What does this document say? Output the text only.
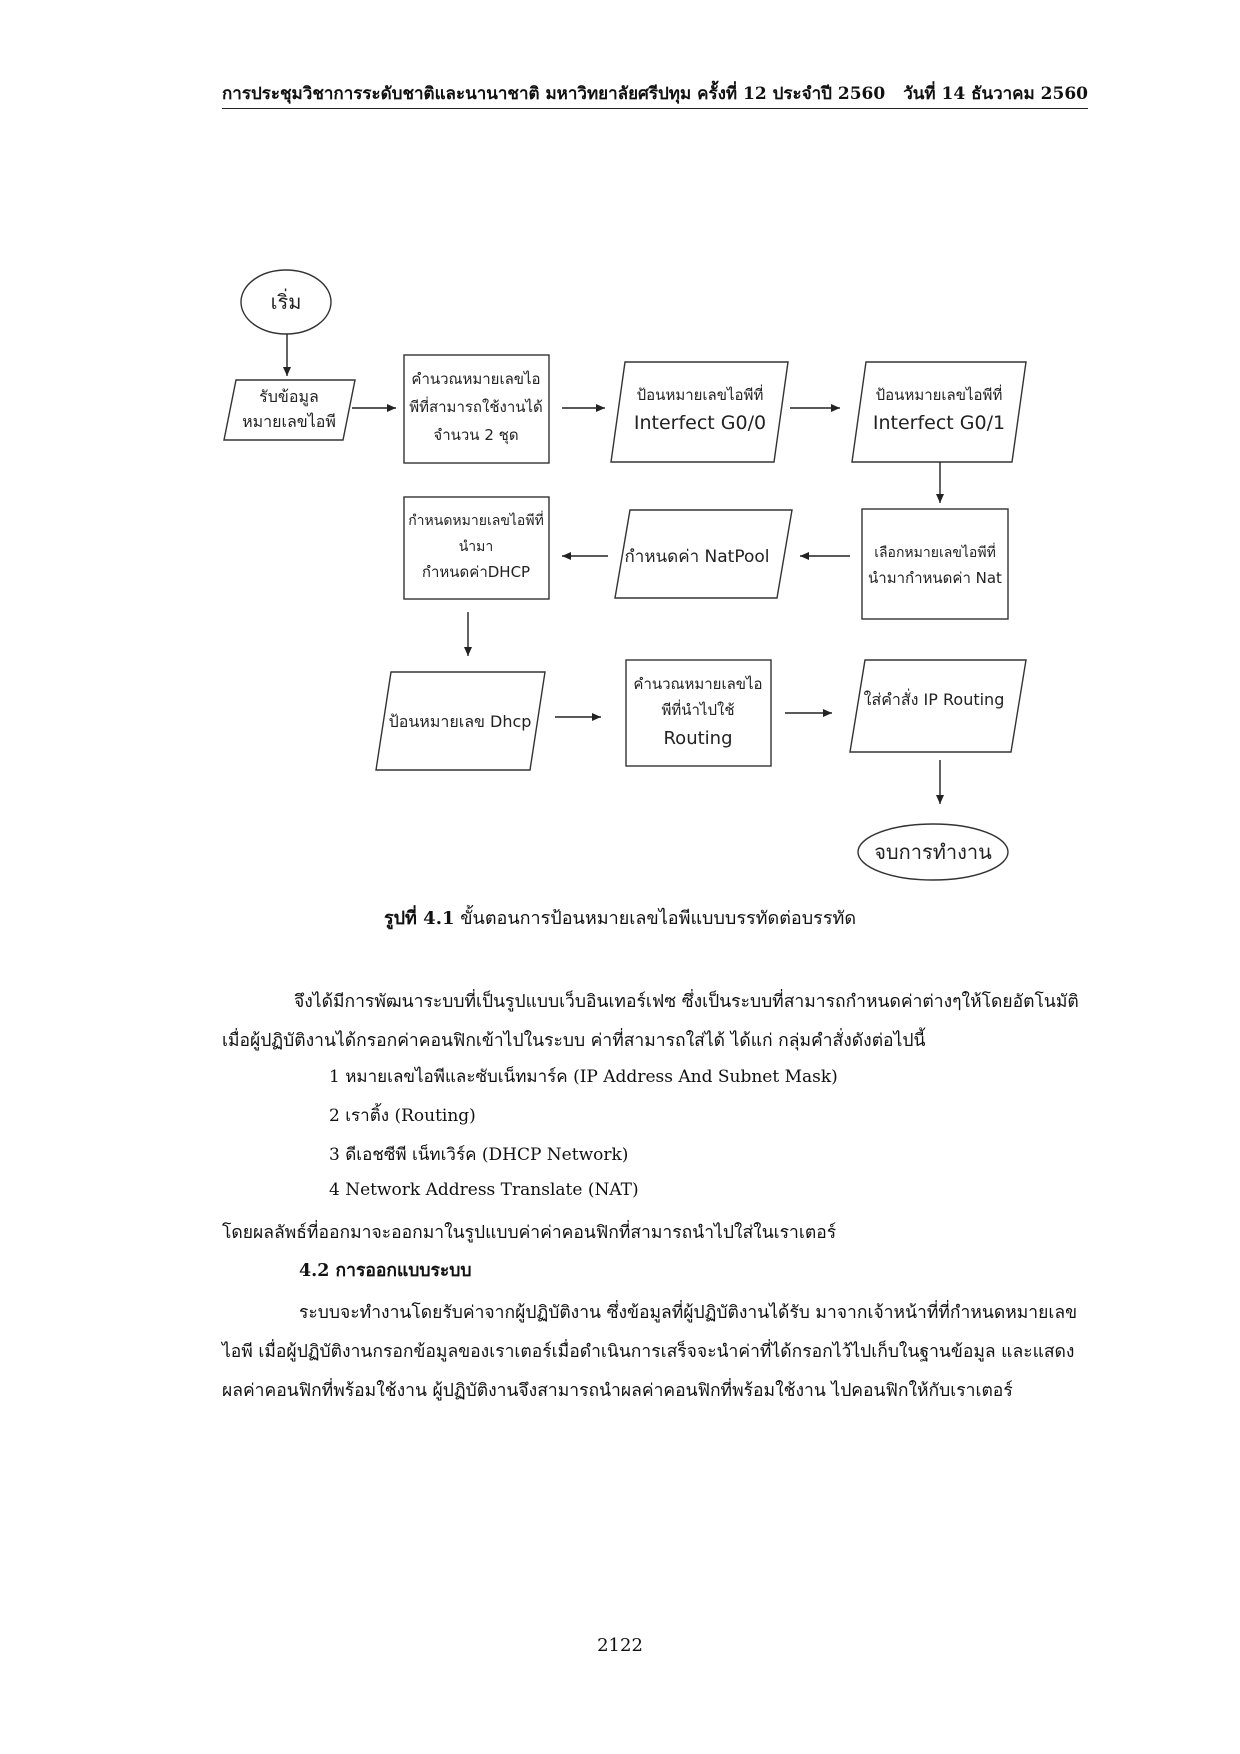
การประชุมวิชาการระดับชาติและนานาชาติ มหาวิทยาลัยศรีปทุม ครั้งที่ 12 ประจำปี 2560 วันที่ 14 ธันวาคม 2560
เริ่ม
จบการทำงาน
รับข้อมูล
หมายเลขไอพี
คำนวณหมายเลขไอ
พีที่สามารถใช้งานได้
จำนวน 2 ชุด
ป้อนหมายเลขไอพีที่
Interfect G0/0
ป้อนหมายเลขไอพีที่
Interfect G0/1
เลือกหมายเลขไอพีที่
นำมากำหนดค่า Nat
กำหนดค่า NatPool
กำหนดหมายเลขไอพีที่
นำมา
กำหนดค่าDHCP
ป้อนหมายเลข Dhcp
คำนวณหมายเลขไอ
พีที่นำไปใช้
Routing
ใส่คำสั่ง IP Routing
รูปที่ 4.1 ขั้นตอนการป้อนหมายเลขไอพีแบบบรรทัดต่อบรรทัด
จึงได้มีการพัฒนาระบบที่เป็นรูปแบบเว็บอินเทอร์เฟซ ซึ่งเป็นระบบที่สามารถกำหนดค่าต่างๆให้โดยอัตโนมัติ เมื่อผู้ปฏิบัติงานได้กรอกค่าคอนฟิกเข้าไปในระบบ ค่าที่สามารถใส่ได้ ได้แก่ กลุ่มคำสั่งดังต่อไปนี้
1 หมายเลขไอพีและซับเน็ทมาร์ค (IP Address And Subnet Mask)
2 เราติ้ง (Routing)
3 ดีเอชซีพี เน็ทเวิร์ค (DHCP Network)
4 Network Address Translate (NAT)
โดยผลลัพธ์ที่ออกมาจะออกมาในรูปแบบค่าค่าคอนฟิกที่สามารถนำไปใส่ในเราเตอร์
4.2 การออกแบบระบบ
ระบบจะทำงานโดยรับค่าจากผู้ปฏิบัติงาน ซึ่งข้อมูลที่ผู้ปฏิบัติงานได้รับ มาจากเจ้าหน้าที่ที่กำหนดหมายเลขไอพี เมื่อผู้ปฏิบัติงานกรอกข้อมูลของเราเตอร์เมื่อดำเนินการเสร็จจะนำค่าที่ได้กรอกไว้ไปเก็บในฐานข้อมูล และแสดงผลค่าคอนฟิกที่พร้อมใช้งาน ผู้ปฏิบัติงานจึงสามารถนำผลค่าคอนฟิกที่พร้อมใช้งาน ไปคอนฟิกให้กับเราเตอร์
2122
